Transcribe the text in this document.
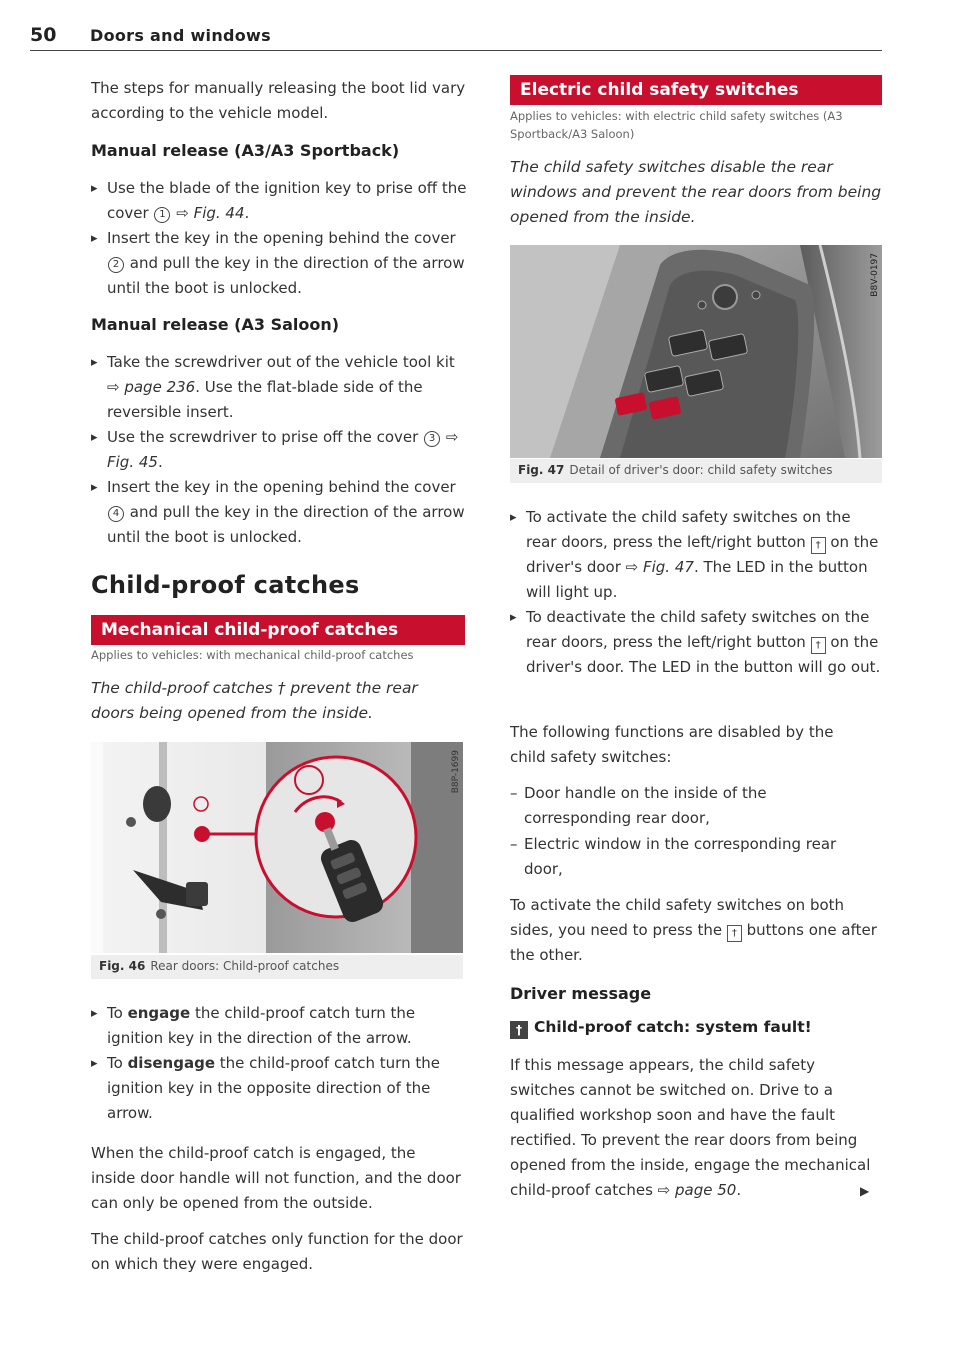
50 Doors and windows

The steps for manually releasing the boot lid vary according to the vehicle model.

Manual release (A3/A3 Sportback)
▸ Use the blade of the ignition key to prise off the cover 1 ⇨ Fig. 44.
▸ Insert the key in the opening behind the cover 2 and pull the key in the direction of the arrow until the boot is unlocked.
Manual release (A3 Saloon)
▸ Take the screwdriver out of the vehicle tool kit ⇨ page 236. Use the flat-blade side of the reversible insert.
▸ Use the screwdriver to prise off the cover 3 ⇨ Fig. 45.
▸ Insert the key in the opening behind the cover 4 and pull the key in the direction of the arrow until the boot is unlocked.
Child-proof catches
Mechanical child-proof catches
Applies to vehicles: with mechanical child-proof catches
The child-proof catches † prevent the rear doors being opened from the inside.
B8P-1699
Fig. 46 Rear doors: Child-proof catches
▸ To engage the child-proof catch turn the ignition key in the direction of the arrow.
▸ To disengage the child-proof catch turn the ignition key in the opposite direction of the arrow.

When the child-proof catch is engaged, the inside door handle will not function, and the door can only be opened from the outside.

The child-proof catches only function for the door on which they were engaged.

Electric child safety switches
Applies to vehicles: with electric child safety switches (A3 Sportback/A3 Saloon)
The child safety switches disable the rear windows and prevent the rear doors from being opened from the inside.
B8V-0197
Fig. 47 Detail of driver's door: child safety switches
▸ To activate the child safety switches on the rear doors, press the left/right button † on the driver's door ⇨ Fig. 47. The LED in the button will light up.
▸ To deactivate the child safety switches on the rear doors, press the left/right button † on the driver's door. The LED in the button will go out.

The following functions are disabled by the child safety switches:

– Door handle on the inside of the corresponding rear door,
– Electric window in the corresponding rear door,

To activate the child safety switches on both sides, you need to press the † buttons one after the other.

Driver message
† Child-proof catch: system fault!

If this message appears, the child safety switches cannot be switched on. Drive to a qualified workshop soon and have the fault rectified. To prevent the rear doors from being opened from the inside, engage the mechanical child-proof catches ⇨ page 50.	▶
